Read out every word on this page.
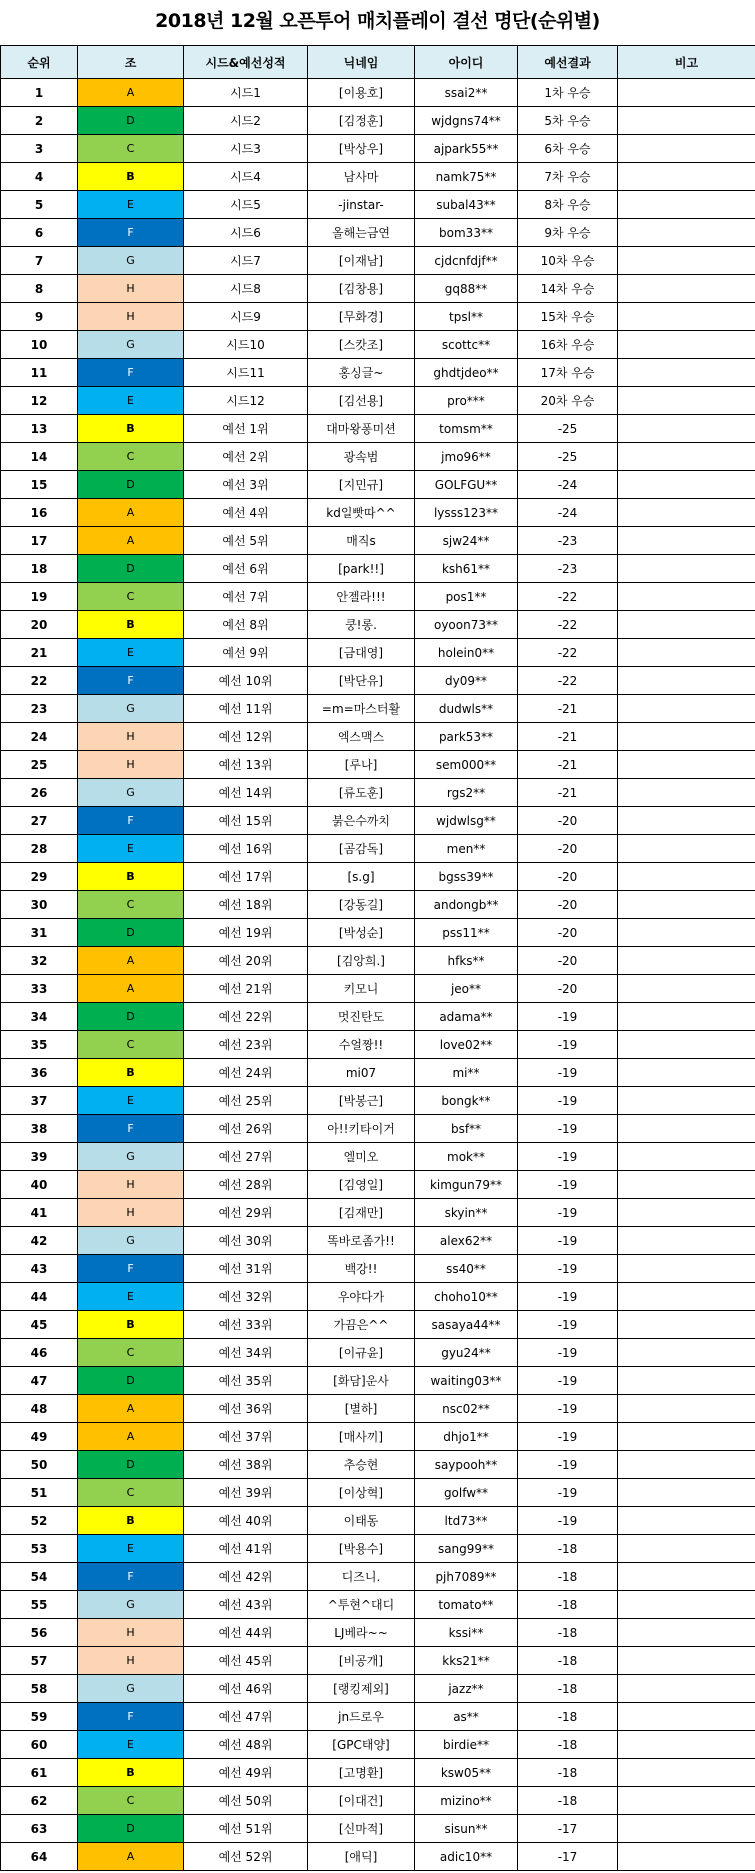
2018년 12월 오픈투어 매치플레이 결선 명단(순위별)
순위	조	시드&예선성적	닉네임	아이디	예선결과	비고
1	A	시드1	[이용호]	ssai2**	1차 우승	
2	D	시드2	[김정훈]	wjdgns74**	5차 우승	
3	C	시드3	[박상우]	ajpark55**	6차 우승	
4	B	시드4	남사마	namk75**	7차 우승	
5	E	시드5	-jinstar-	subal43**	8차 우승	
6	F	시드6	올해는금연	bom33**	9차 우승	
7	G	시드7	[이재남]	cjdcnfdjf**	10차 우승	
8	H	시드8	[김창용]	gq88**	14차 우승	
9	H	시드9	[무화경]	tpsl**	15차 우승	
10	G	시드10	[스캇조]	scottc**	16차 우승	
11	F	시드11	홍싱글~	ghdtjdeo**	17차 우승	
12	E	시드12	[김선용]	pro***	20차 우승	
13	B	예선 1위	대마왕퐁미션	tomsm**	-25	
14	C	예선 2위	광속범	jmo96**	-25	
15	D	예선 3위	[지민규]	GOLFGU**	-24	
16	A	예선 4위	kd일빳따^^	lysss123**	-24	
17	A	예선 5위	매직s	sjw24**	-23	
18	D	예선 6위	[park!!]	ksh61**	-23	
19	C	예선 7위	안젤라!!!	pos1**	-22	
20	B	예선 8위	쿵!롱.	oyoon73**	-22	
21	E	예선 9위	[금대영]	holein0**	-22	
22	F	예선 10위	[박단유]	dy09**	-22	
23	G	예선 11위	=m=마스터활	dudwls**	-21	
24	H	예선 12위	엑스맥스	park53**	-21	
25	H	예선 13위	[루나]	sem000**	-21	
26	G	예선 14위	[류도훈]	rgs2**	-21	
27	F	예선 15위	붉은수까치	wjdwlsg**	-20	
28	E	예선 16위	[곰감독]	men**	-20	
29	B	예선 17위	[s.g]	bgss39**	-20	
30	C	예선 18위	[강동길]	andongb**	-20	
31	D	예선 19위	[박성순]	pss11**	-20	
32	A	예선 20위	[김앙희.]	hfks**	-20	
33	A	예선 21위	키모니	jeo**	-20	
34	D	예선 22위	멋진탄도	adama**	-19	
35	C	예선 23위	수얼짱!!	love02**	-19	
36	B	예선 24위	mi07	mi**	-19	
37	E	예선 25위	[박봉근]	bongk**	-19	
38	F	예선 26위	아!!키타이거	bsf**	-19	
39	G	예선 27위	엘미오	mok**	-19	
40	H	예선 28위	[김영일]	kimgun79**	-19	
41	H	예선 29위	[김재만]	skyin**	-19	
42	G	예선 30위	똑바로좀가!!	alex62**	-19	
43	F	예선 31위	백강!!	ss40**	-19	
44	E	예선 32위	우야다가	choho10**	-19	
45	B	예선 33위	가끔은^^	sasaya44**	-19	
46	C	예선 34위	[이규윤]	gyu24**	-19	
47	D	예선 35위	[화담]운사	waiting03**	-19	
48	A	예선 36위	[별하]	nsc02**	-19	
49	A	예선 37위	[매사끼]	dhjo1**	-19	
50	D	예선 38위	추승현	saypooh**	-19	
51	C	예선 39위	[이상혁]	golfw**	-19	
52	B	예선 40위	이태동	ltd73**	-19	
53	E	예선 41위	[박용수]	sang99**	-18	
54	F	예선 42위	디즈니.	pjh7089**	-18	
55	G	예선 43위	^투현^대디	tomato**	-18	
56	H	예선 44위	LJ베라~~	kssi**	-18	
57	H	예선 45위	[비공개]	kks21**	-18	
58	G	예선 46위	[랭킹제외]	jazz**	-18	
59	F	예선 47위	jn드로우	as**	-18	
60	E	예선 48위	[GPC태양]	birdie**	-18	
61	B	예선 49위	[고명환]	ksw05**	-18	
62	C	예선 50위	[이대건]	mizino**	-18	
63	D	예선 51위	[신마적]	sisun**	-17	
64	A	예선 52위	[애딕]	adic10**	-17	
